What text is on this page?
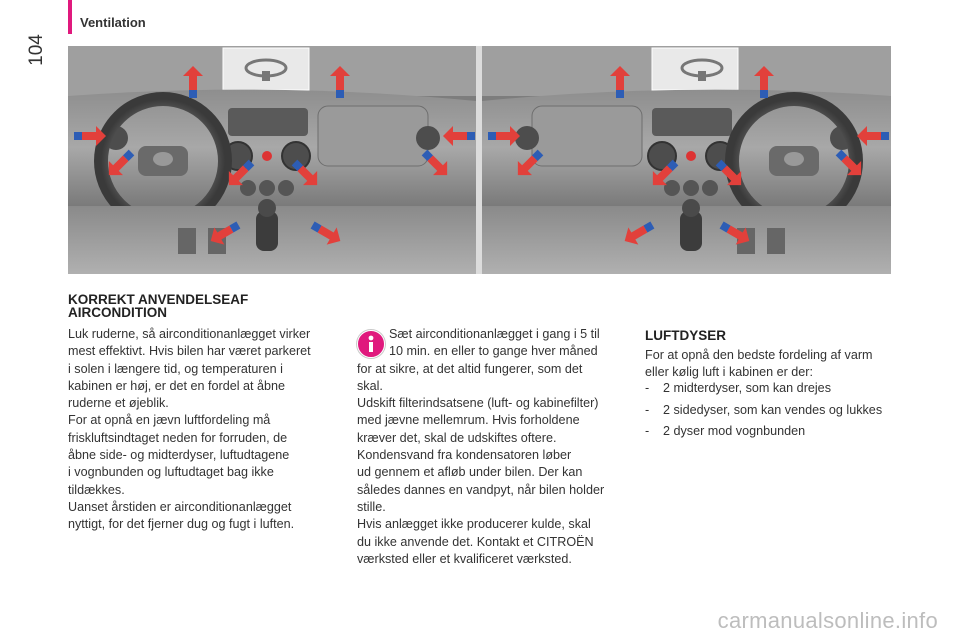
104
Ventilation
KORREKT ANVENDELSEAF
AIRCONDITION
Luk ruderne, så airconditionanlægget virker
mest effektivt. Hvis bilen har været parkeret
i solen i længere tid, og temperaturen i
kabinen er høj, er det en fordel at åbne
ruderne et øjeblik.
For at opnå en jævn luftfordeling må
friskluftsindtaget neden for forruden, de
åbne side- og midterdyser, luftudtagene
i vognbunden og luftudtaget bag ikke
tildækkes.
Uanset årstiden er airconditionanlægget
nyttigt, for det fjerner dug og fugt i luften.
Sæt airconditionanlægget i gang i 5 til
10 min. en eller to gange hver måned
for at sikre, at det altid fungerer, som det
skal.
Udskift filterindsatsene (luft- og kabinefilter)
med jævne mellemrum. Hvis forholdene
kræver det, skal de udskiftes oftere.
Kondensvand fra kondensatoren løber
ud gennem et afløb under bilen. Der kan
således dannes en vandpyt, når bilen holder
stille.
Hvis anlægget ikke producerer kulde, skal
du ikke anvende det. Kontakt et CITROËN
værksted eller et kvalificeret værksted.
LUFTDYSER
For at opnå den bedste fordeling af varm
eller kølig luft i kabinen er der:
- 2 midterdyser, som kan drejes
- 2 sidedyser, som kan vendes og lukkes
- 2 dyser mod vognbunden
carmanualsonline.info
